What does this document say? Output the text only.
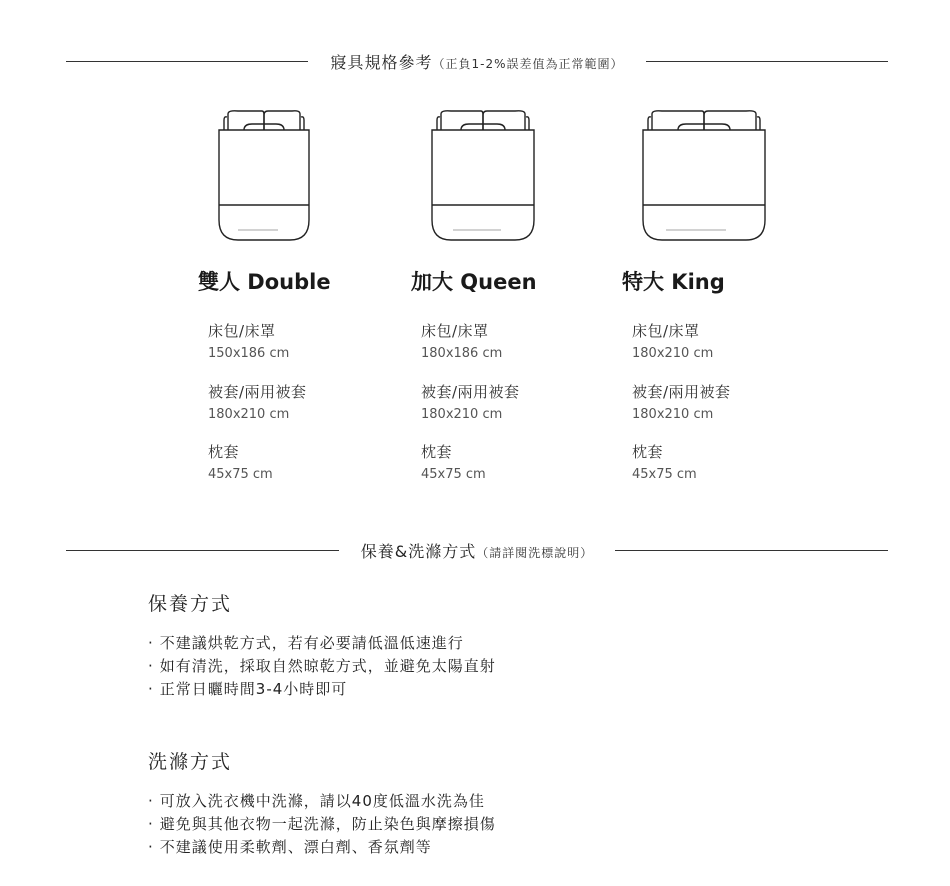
寢具規格參考（正負1-2%誤差值為正常範圍）
雙人 Double
床包/床罩
150x186 cm
被套/兩用被套
180x210 cm
枕套
45x75 cm
加大 Queen
床包/床罩
180x186 cm
被套/兩用被套
180x210 cm
枕套
45x75 cm
特大 King
床包/床罩
180x210 cm
被套/兩用被套
180x210 cm
枕套
45x75 cm
保養&洗滌方式（請詳閱洗標說明）
保養方式
· 不建議烘乾方式，若有必要請低溫低速進行
· 如有清洗，採取自然晾乾方式，並避免太陽直射
· 正常日曬時間3-4小時即可
洗滌方式
· 可放入洗衣機中洗滌，請以40度低溫水洗為佳
· 避免與其他衣物一起洗滌，防止染色與摩擦損傷
· 不建議使用柔軟劑、漂白劑、香氛劑等
